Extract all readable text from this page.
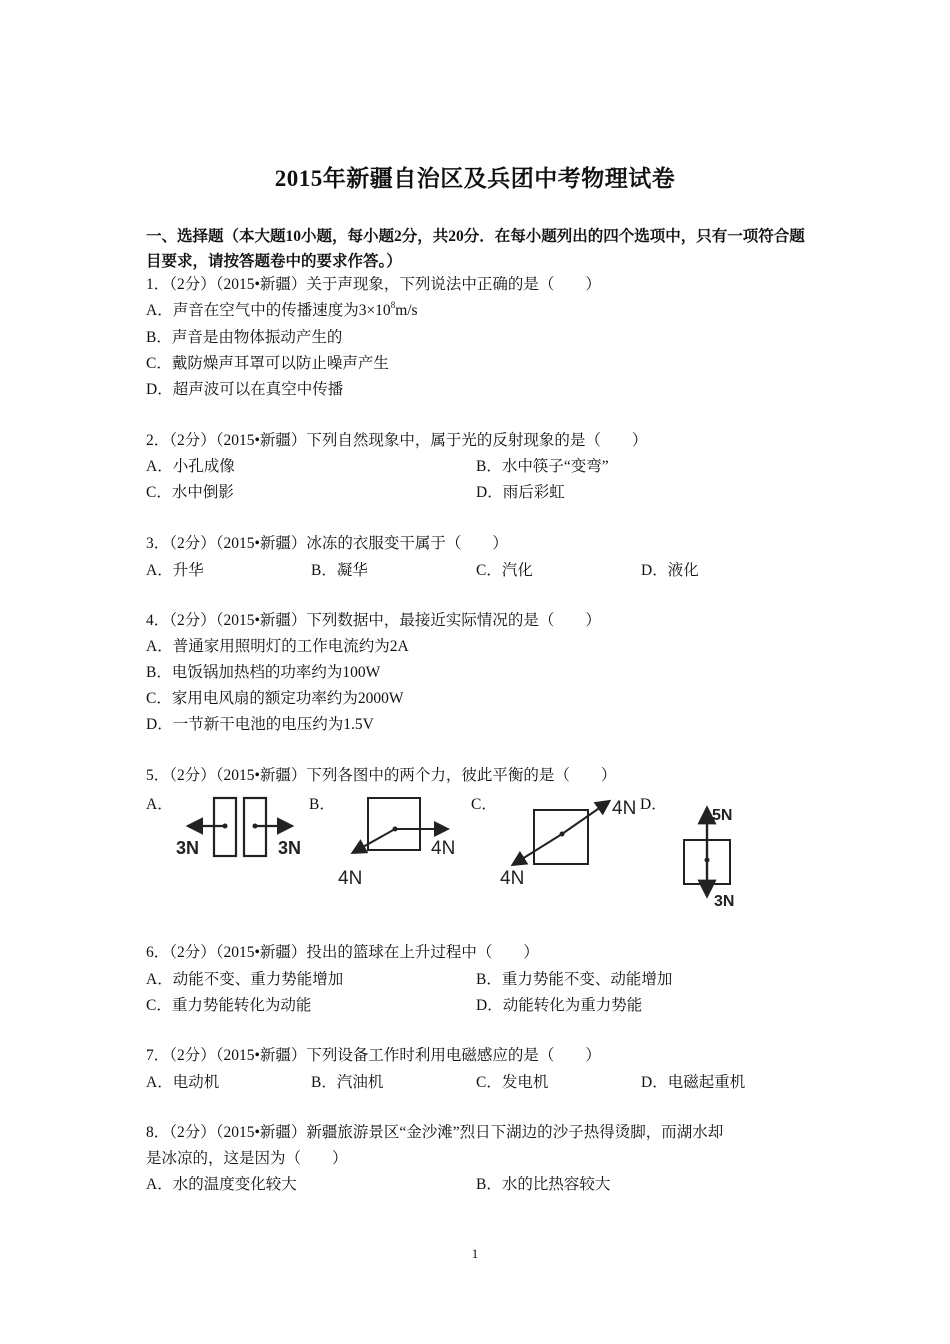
2015年新疆自治区及兵团中考物理试卷
一、选择题（本大题10小题，每小题2分，共20分．在每小题列出的四个选项中，只有一项符合题目要求，请按答题卷中的要求作答。）
1．（2分）（2015•新疆）关于声现象，下列说法中正确的是（　　）
A．声音在空气中的传播速度为$3\times 10^8m/s$
B．声音是由物体振动产生的
C．戴防燥声耳罩可以防止噪声产生
D．超声波可以在真空中传播
2．（2分）（2015•新疆）下列自然现象中，属于光的反射现象的是（　　）
A．小孔成像	B．水中筷子“变弯”
C．水中倒影	D．雨后彩虹
3．（2分）（2015•新疆）冰冻的衣服变干属于（　　）
A．升华	B．凝华	C．汽化	D．液化
4．（2分）（2015•新疆）下列数据中，最接近实际情况的是（　　）
A．普通家用照明灯的工作电流约为2A
B．电饭锅加热档的功率约为100W
C．家用电风扇的额定功率约为2000W
D．一节新干电池的电压约为1.5V
5．（2分）（2015•新疆）下列各图中的两个力，彼此平衡的是（　　）
A．	B．	C．	D．
3N	3N	4N
4N
4N
4N
5N
3N
6．（2分）（2015•新疆）投出的篮球在上升过程中（　　）
A．动能不变、重力势能增加	B．重力势能不变、动能增加
C．重力势能转化为动能	D．动能转化为重力势能
7．（2分）（2015•新疆）下列设备工作时利用电磁感应的是（　　）
A．电动机	B．汽油机	C．发电机	D．电磁起重机
8．（2分）（2015•新疆）新疆旅游景区“金沙滩”烈日下湖边的沙子热得烫脚，而湖水却
是冰凉的，这是因为（　　）
A．水的温度变化较大	B．水的比热容较大
1
